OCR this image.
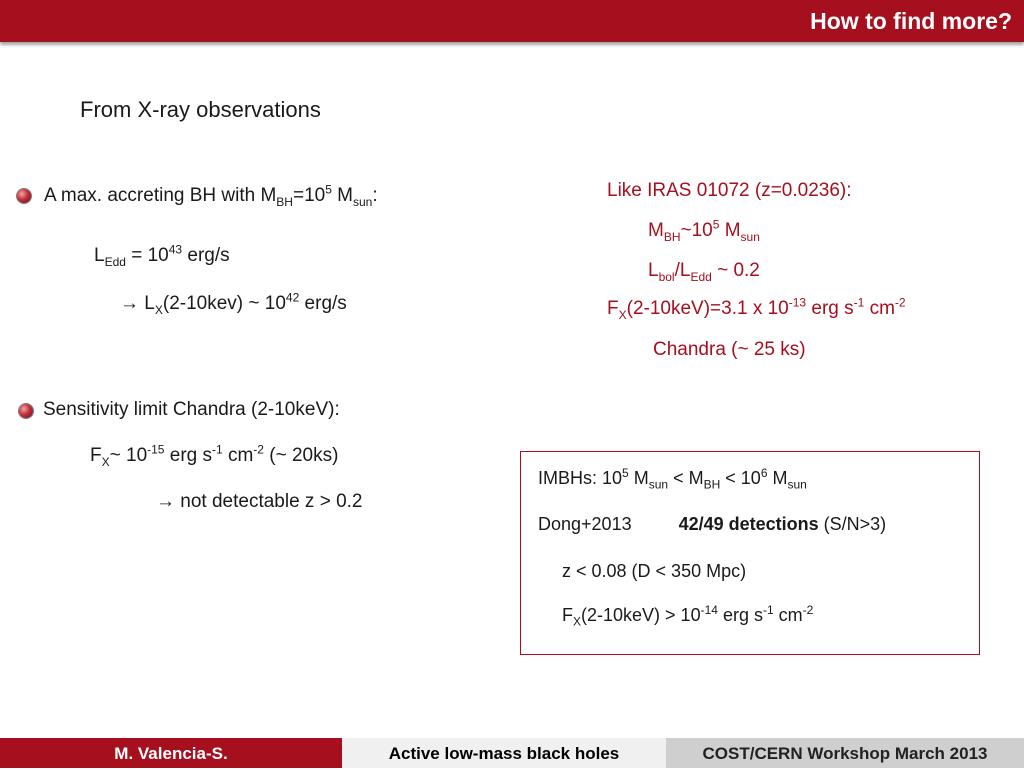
How to find more?
From X-ray observations
A max. accreting BH with $M_{BH}=10^5$ $M_{sun}$:
$L_{Edd} = 10^{43}$ erg/s
→ $L_X(2-10kev)$ ~ $10^{42}$ erg/s
Sensitivity limit Chandra (2-10keV):
$F_X\sim$ $10^{-15}$ erg $s^{-1}$ $cm^{-2}$ (~ 20ks)
→ not detectable z > 0.2
Like IRAS 01072 (z=0.0236):
$M_{BH}\sim 10^5$ $M_{sun}$
$L_{bol}/L_{Edd}$ ~ 0.2
$F_X(2-10keV)=3.1$ x $10^{-13}$ erg $s^{-1}$ $cm^{-2}$
Chandra (~ 25 ks)
IMBHs: $10^5$ $M_{sun} < M_{BH} < 10^6$ $M_{sun}$
Dong+2013	42/49 detections (S/N>3)
z < 0.08 (D < 350 Mpc)
$F_X(2-10keV) > 10^{-14}$ erg $s^{-1}$ $cm^{-2}$
M. Valencia-S.	Active low-mass black holes	COST/CERN Workshop March 2013
